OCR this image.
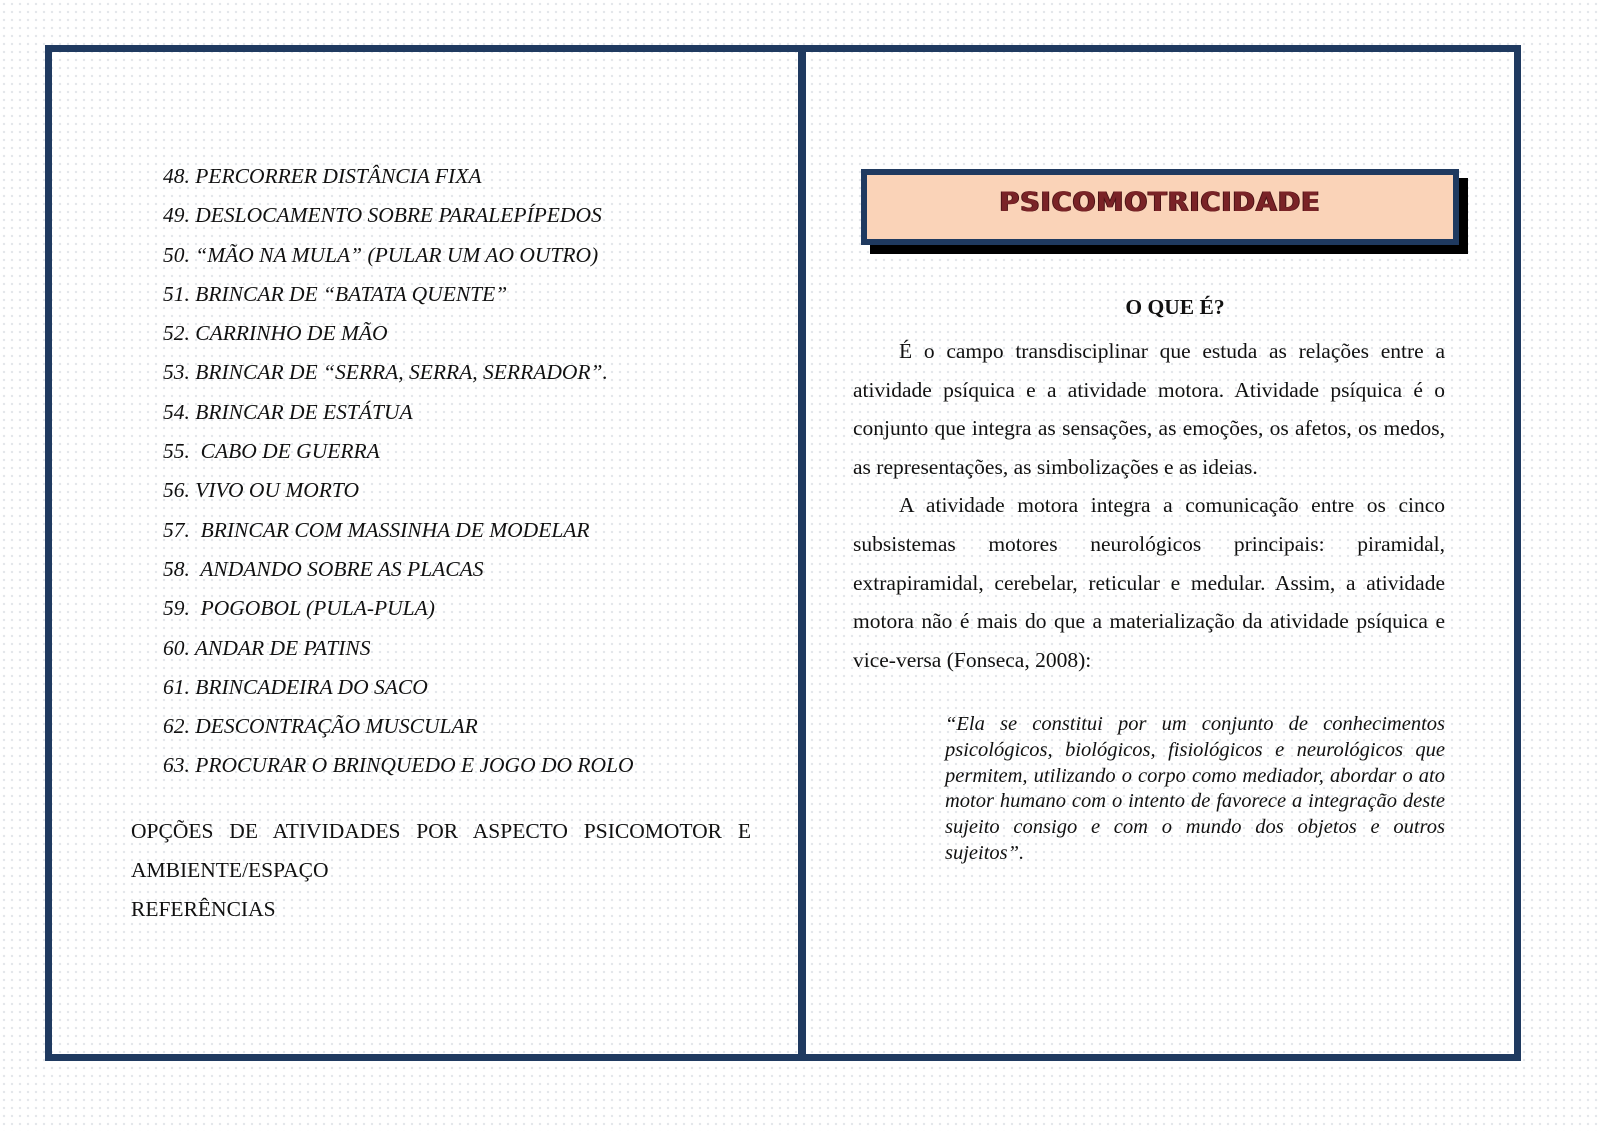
48. PERCORRER DISTÂNCIA FIXA
49. DESLOCAMENTO SOBRE PARALEPÍPEDOS
50. “MÃO NA MULA” (PULAR UM AO OUTRO)
51. BRINCAR DE “BATATA QUENTE”
52. CARRINHO DE MÃO
53. BRINCAR DE “SERRA, SERRA, SERRADOR”.
54. BRINCAR DE ESTÁTUA
55.  CABO DE GUERRA
56. VIVO OU MORTO
57.  BRINCAR COM MASSINHA DE MODELAR
58.  ANDANDO SOBRE AS PLACAS
59.  POGOBOL (PULA-PULA)
60. ANDAR DE PATINS
61. BRINCADEIRA DO SACO
62. DESCONTRAÇÃO MUSCULAR
63. PROCURAR O BRINQUEDO E JOGO DO ROLO

OPÇÕES DE ATIVIDADES POR ASPECTO PSICOMOTOR E
AMBIENTE/ESPAÇO

REFERÊNCIAS

PSICOMOTRICIDADE
O QUE É?

É o campo transdisciplinar que estuda as relações entre a atividade psíquica e a atividade motora. Atividade psíquica é o conjunto que integra as sensações, as emoções, os afetos, os medos, as representações, as simbolizações e as ideias.

A atividade motora integra a comunicação entre os cinco subsistemas motores neurológicos principais: piramidal, extrapiramidal, cerebelar, reticular e medular. Assim, a atividade motora não é mais do que a materialização da atividade psíquica e vice-versa (Fonseca, 2008):

“Ela se constitui por um conjunto de conhecimentos psicológicos, biológicos, fisiológicos e neurológicos que permitem, utilizando o corpo como mediador, abordar o ato motor humano com o intento de favorece a integração deste sujeito consigo e com o mundo dos objetos e outros sujeitos”.
